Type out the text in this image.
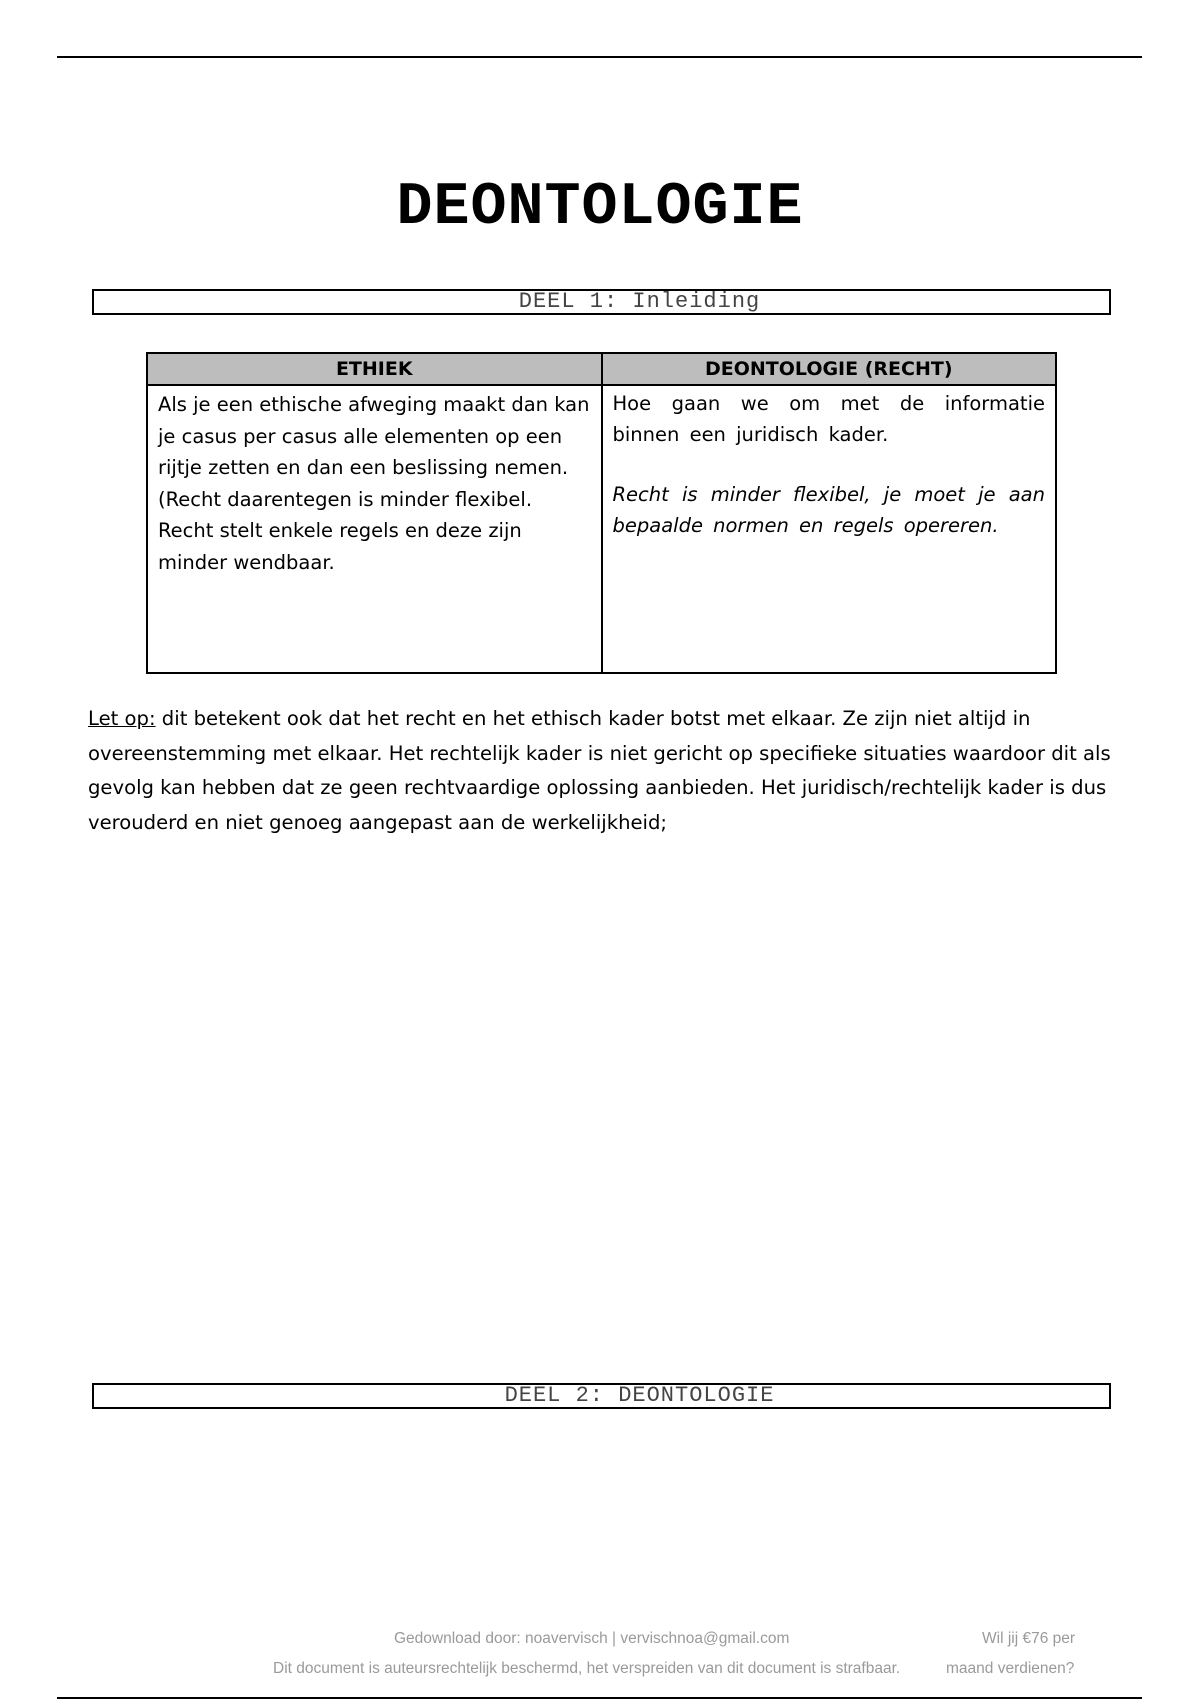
DEONTOLOGIE
DEEL 1: Inleiding
ETHIEK	DEONTOLOGIE (RECHT)

Als je een ethische afweging maakt dan kan je casus per casus alle elementen op een rijtje zetten en dan een beslissing nemen. (Recht daarentegen is minder flexibel. Recht stelt enkele regels en deze zijn minder wendbaar.	Hoe gaan we om met de informatie binnen een juridisch kader.

Recht is minder flexibel, je moet je aan bepaalde normen en regels opereren.

Let op: dit betekent ook dat het recht en het ethisch kader botst met elkaar. Ze zijn niet altijd in overeenstemming met elkaar. Het rechtelijk kader is niet gericht op specifieke situaties waardoor dit als gevolg kan hebben dat ze geen rechtvaardige oplossing aanbieden. Het juridisch/rechtelijk kader is dus verouderd en niet genoeg aangepast aan de werkelijkheid;
DEEL 2: DEONTOLOGIE
Gedownload door: noavervisch | vervischnoa@gmail.com
Dit document is auteursrechtelijk beschermd, het verspreiden van dit document is strafbaar.
Wil jij €76 per
maand verdienen?
